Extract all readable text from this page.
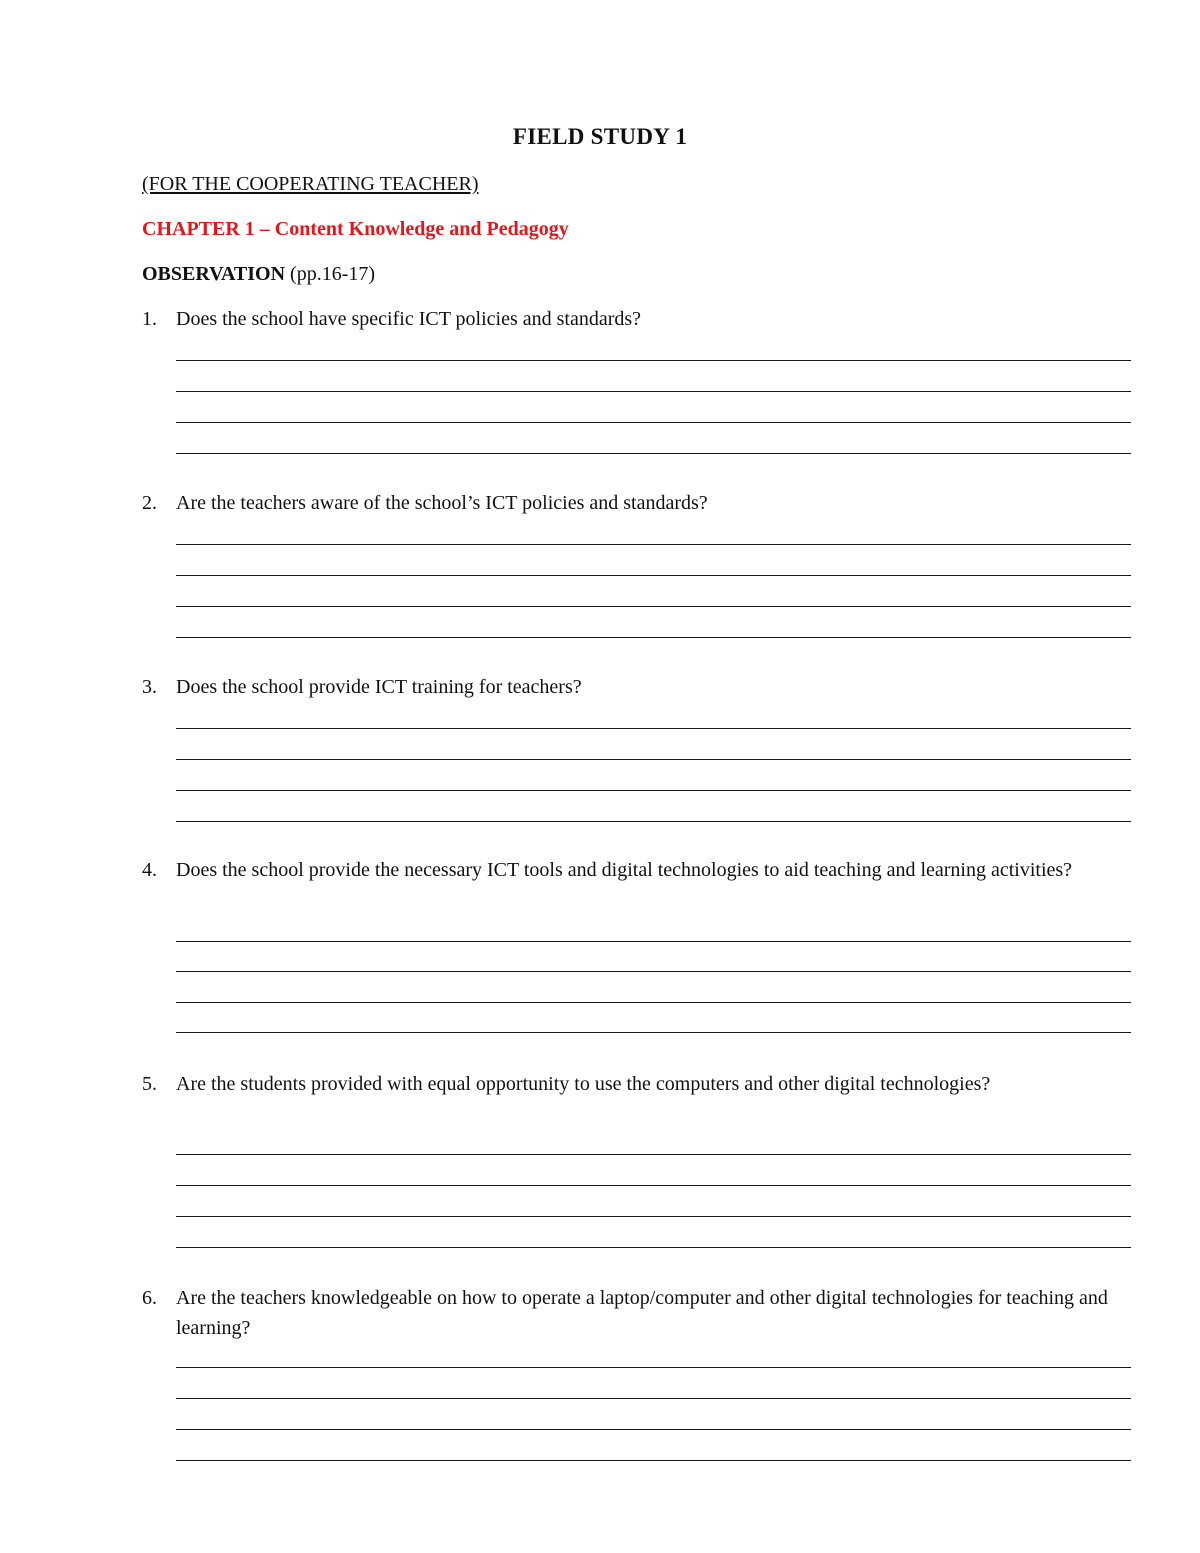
FIELD STUDY 1
(FOR THE COOPERATING TEACHER)
CHAPTER 1 – Content Knowledge and Pedagogy
OBSERVATION (pp.16-17)
1. Does the school have specific ICT policies and standards?
2. Are the teachers aware of the school’s ICT policies and standards?
3. Does the school provide ICT training for teachers?
4. Does the school provide the necessary ICT tools and digital technologies to aid teaching and learning activities?
5. Are the students provided with equal opportunity to use the computers and other digital technologies?
6. Are the teachers knowledgeable on how to operate a laptop/computer and other digital technologies for teaching and learning?
